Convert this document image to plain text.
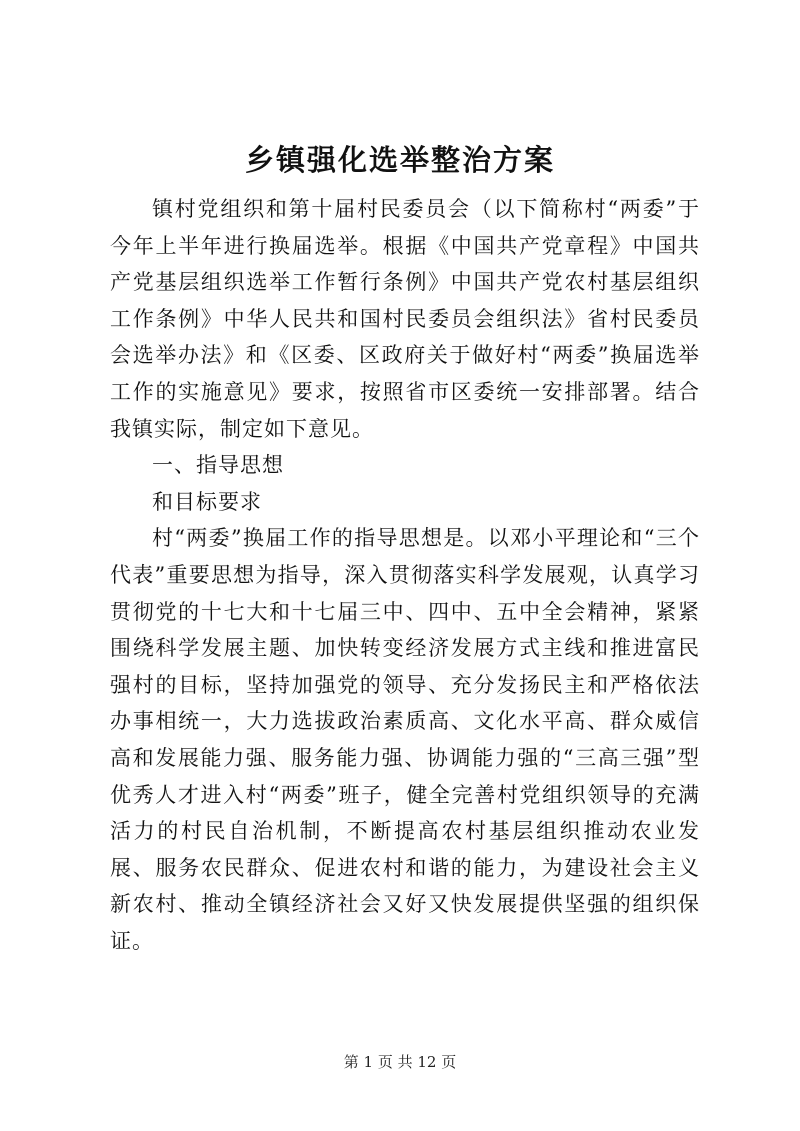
乡镇强化选举整治方案

镇村党组织和第十届村民委员会（以下简称村“两委”于今年上半年进行换届选举。根据《中国共产党章程》中国共产党基层组织选举工作暂行条例》中国共产党农村基层组织工作条例》中华人民共和国村民委员会组织法》省村民委员会选举办法》和《区委、区政府关于做好村“两委”换届选举工作的实施意见》要求，按照省市区委统一安排部署。结合我镇实际，制定如下意见。

一、指导思想

和目标要求

村“两委”换届工作的指导思想是。以邓小平理论和“三个代表”重要思想为指导，深入贯彻落实科学发展观，认真学习贯彻党的十七大和十七届三中、四中、五中全会精神，紧紧围绕科学发展主题、加快转变经济发展方式主线和推进富民强村的目标，坚持加强党的领导、充分发扬民主和严格依法办事相统一，大力选拔政治素质高、文化水平高、群众威信高和发展能力强、服务能力强、协调能力强的“三高三强”型优秀人才进入村“两委”班子，健全完善村党组织领导的充满活力的村民自治机制，不断提高农村基层组织推动农业发展、服务农民群众、促进农村和谐的能力，为建设社会主义新农村、推动全镇经济社会又好又快发展提供坚强的组织保证。

第 1 页 共 12 页
